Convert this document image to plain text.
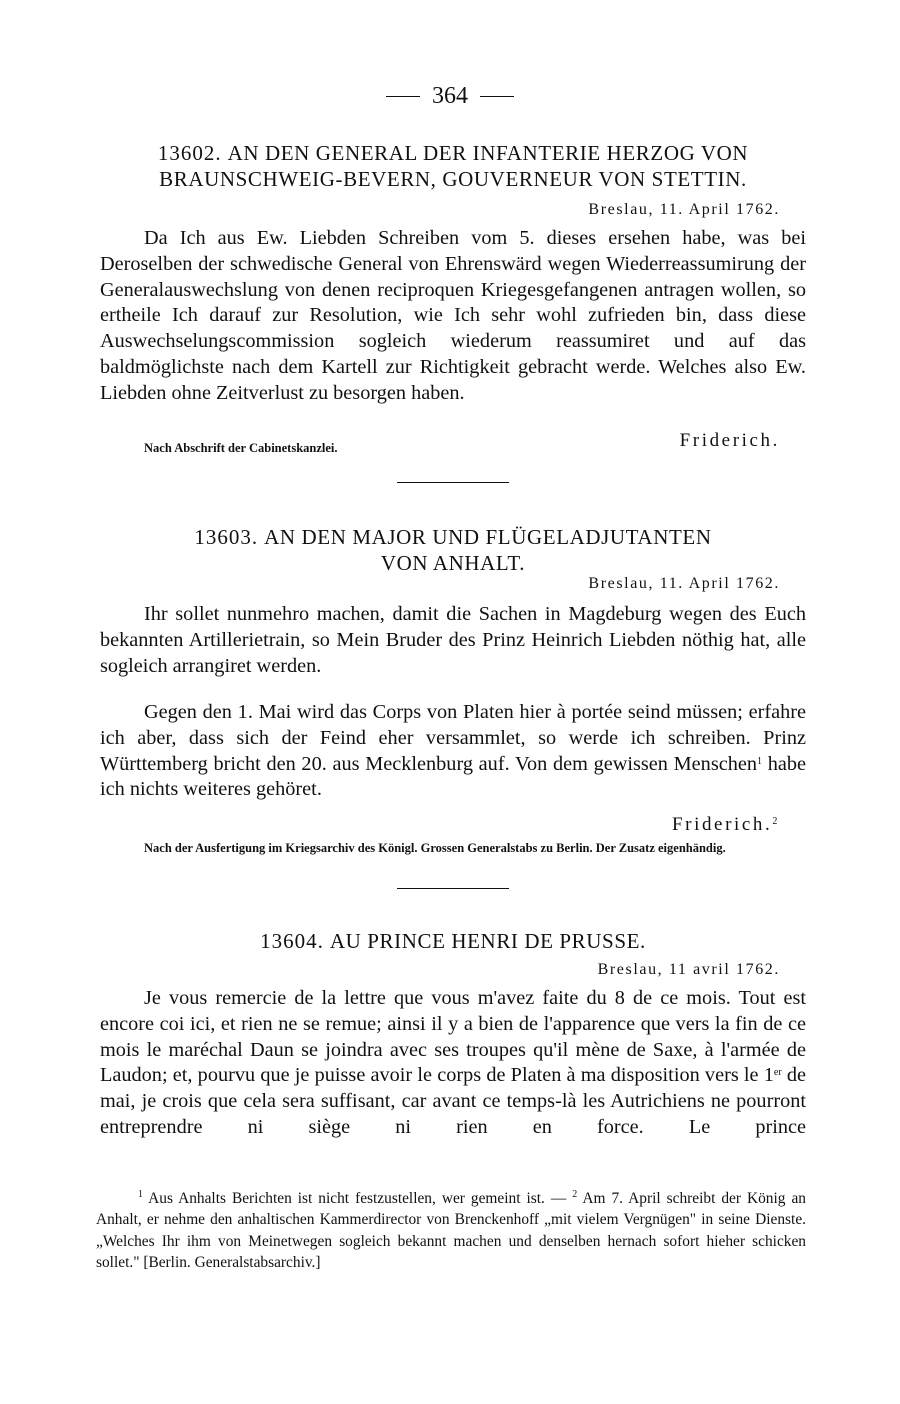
364
13602. AN DEN GENERAL DER INFANTERIE HERZOG VON
BRAUNSCHWEIG-BEVERN, GOUVERNEUR VON STETTIN.
Breslau, 11. April 1762.

Da Ich aus Ew. Liebden Schreiben vom 5. dieses ersehen habe, was bei Deroselben der schwedische General von Ehrenswärd wegen Wiederreassumirung der Generalauswechslung von denen reciproquen Kriegesgefangenen antragen wollen, so ertheile Ich darauf zur Resolution, wie Ich sehr wohl zufrieden bin, dass diese Auswechselungscommission sogleich wiederum reassumiret und auf das baldmöglichste nach dem Kartell zur Richtigkeit gebracht werde. Welches also Ew. Liebden ohne Zeitverlust zu besorgen haben.

Nach Abschrift der Cabinetskanzlei.	Friderich.
13603. AN DEN MAJOR UND FLÜGELADJUTANTEN
VON ANHALT.
Breslau, 11. April 1762.

Ihr sollet nunmehro machen, damit die Sachen in Magdeburg wegen des Euch bekannten Artillerietrain, so Mein Bruder des Prinz Heinrich Liebden nöthig hat, alle sogleich arrangiret werden.

Gegen den 1. Mai wird das Corps von Platen hier à portée seind müssen; erfahre ich aber, dass sich der Feind eher versammlet, so werde ich schreiben. Prinz Württemberg bricht den 20. aus Mecklenburg auf. Von dem gewissen Menschen$^1$ habe ich nichts weiteres gehöret.

Friderich.$^2$
Nach der Ausfertigung im Kriegsarchiv des Königl. Grossen Generalstabs zu Berlin. Der Zusatz eigenhändig.
13604. AU PRINCE HENRI DE PRUSSE.
Breslau, 11 avril 1762.

Je vous remercie de la lettre que vous m'avez faite du 8 de ce mois. Tout est encore coi ici, et rien ne se remue; ainsi il y a bien de l'apparence que vers la fin de ce mois le maréchal Daun se joindra avec ses troupes qu'il mène de Saxe, à l'armée de Laudon; et, pourvu que je puisse avoir le corps de Platen à ma disposition vers le 1er de mai, je crois que cela sera suffisant, car avant ce temps-là les Autrichiens ne pourront entreprendre ni siège ni rien en force. Le prince

$^1$ Aus Anhalts Berichten ist nicht festzustellen, wer gemeint ist. — $^2$ Am 7. April schreibt der König an Anhalt, er nehme den anhaltischen Kammerdirector von Brenckenhoff „mit vielem Vergnügen" in seine Dienste. „Welches Ihr ihm von Meinetwegen sogleich bekannt machen und denselben hernach sofort hieher schicken sollet." [Berlin. Generalstabsarchiv.]
